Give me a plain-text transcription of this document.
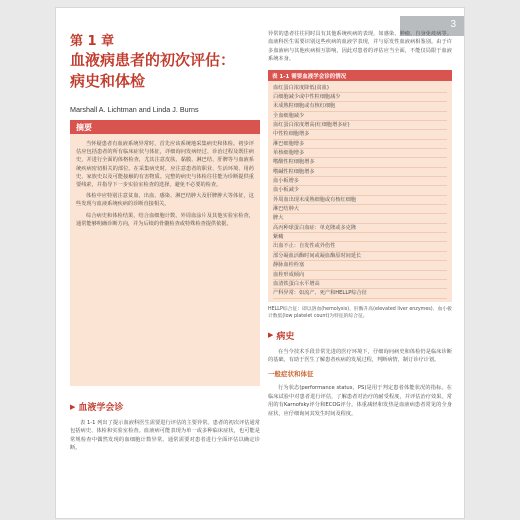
3
第 1 章
血液病患者的初次评估：
病史和体检
Marshall A. Lichtman and Linda J. Burns
摘要

当怀疑患者有血液系统异常时，首先应该系统地采集病史和体检。初步评估应包括患者的所有临床症状与体征，详细询问发病经过、诊治过程及既往病史，并进行全面的体格检查，尤其注意皮肤、黏膜、淋巴结、肝脾等与血液系统疾病密切相关的部位。在采集病史时，应注意患者的职业、生活环境、用药史、家族史以及可能接触的有害物质。完整的病史与体检往往能为诊断提供重要线索，并指导下一步实验室检查的选择，避免不必要的检查。

体检中应特别注意贫血、出血、感染、淋巴结肿大及肝脾肿大等体征，这些发现与血液系统疾病的诊断直接相关。

综合病史和体检结果，结合血细胞计数、外周血涂片及其他实验室检查，通常能够明确诊断方向，并为后续的骨髓检查或特殊检查提供依据。

▶ 血液学会诊
表 1-1 列出了提示血液科医生需要进行评估的主要异常。患者的初次评估通常包括病史、体检和实验室检查。血液病可能表现为单一或多种临床症状，也可能是常规检查中偶然发现的血细胞计数异常。通常需要对患者进行全面评估以确定诊断。
异常的患者往往同时具有其他系统疾病的表现，如感染、肿瘤、自身免疫病等。血液科医生需要识别这些疾病的血液学表现，并与原发性血液病相鉴别。由于许多血液病与其他疾病相互影响，因此对患者的评估应当全面，不能仅局限于血液系统本身。
表 1-1 需要血液学会诊的情况
血红蛋白浓度降低(贫血)
白细胞减少或中性粒细胞减少
未成熟粒细胞或有核红细胞
全血细胞减少
血红蛋白浓度增高(红细胞增多症)
中性粒细胞增多
淋巴细胞增多
单核细胞增多
嗜酸性粒细胞增多
嗜碱性粒细胞增多
血小板增多
血小板减少
外周血出现未成熟细胞或有核红细胞
淋巴结肿大
脾大
高丙种球蛋白血症：单克隆或多克隆
紫癜
出血不止：自发性或外伤性
部分凝血活酶时间或凝血酶原时间延长
静脉血栓栓塞
血栓形成倾向
血清铁蛋白水平增高
产科异常：如流产、死产和HELLP综合征
HELLP综合征：即以溶血(hemolysis)、肝酶升高(elevated liver enzymes)、血小板计数低(low platelet count)为特征的综合征。
▶ 病史
在当今技术手段非常先进的医疗环境下，仔细询问病史和体检仍是临床诊断的基础，有助于医生了解患者疾病的发展过程，判断病情，制订诊疗计划。
一般症状和体征
行为状态(performance status，PS)是用于判定患者体能状况的指标。在临床试验中对患者进行评估，了解患者对治疗的耐受程度，并评估治疗效果。常用的有Karnofsky评分和ECOG评分。体重减轻和发热是血液病患者常见的全身症状，应仔细询问其发生时间及程度。
